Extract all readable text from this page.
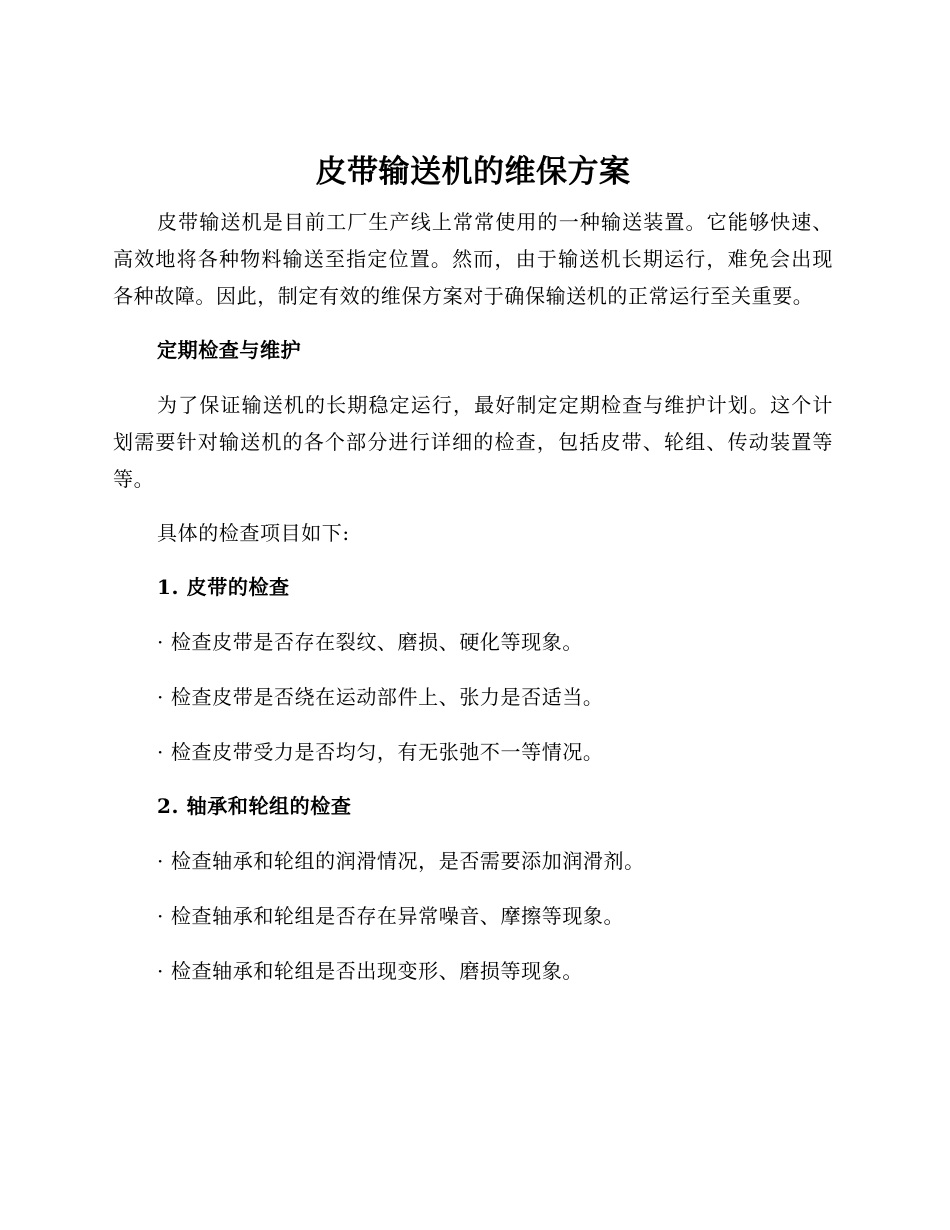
皮带输送机的维保方案

皮带输送机是目前工厂生产线上常常使用的一种输送装置。它能够快速、高效地将各种物料输送至指定位置。然而，由于输送机长期运行，难免会出现各种故障。因此，制定有效的维保方案对于确保输送机的正常运行至关重要。

定期检查与维护

为了保证输送机的长期稳定运行，最好制定定期检查与维护计划。这个计划需要针对输送机的各个部分进行详细的检查，包括皮带、轮组、传动装置等等。

具体的检查项目如下:

1. 皮带的检查

· 检查皮带是否存在裂纹、磨损、硬化等现象。

· 检查皮带是否绕在运动部件上、张力是否适当。

· 检查皮带受力是否均匀，有无张弛不一等情况。

2. 轴承和轮组的检查

· 检查轴承和轮组的润滑情况，是否需要添加润滑剂。

· 检查轴承和轮组是否存在异常噪音、摩擦等现象。

· 检查轴承和轮组是否出现变形、磨损等现象。
